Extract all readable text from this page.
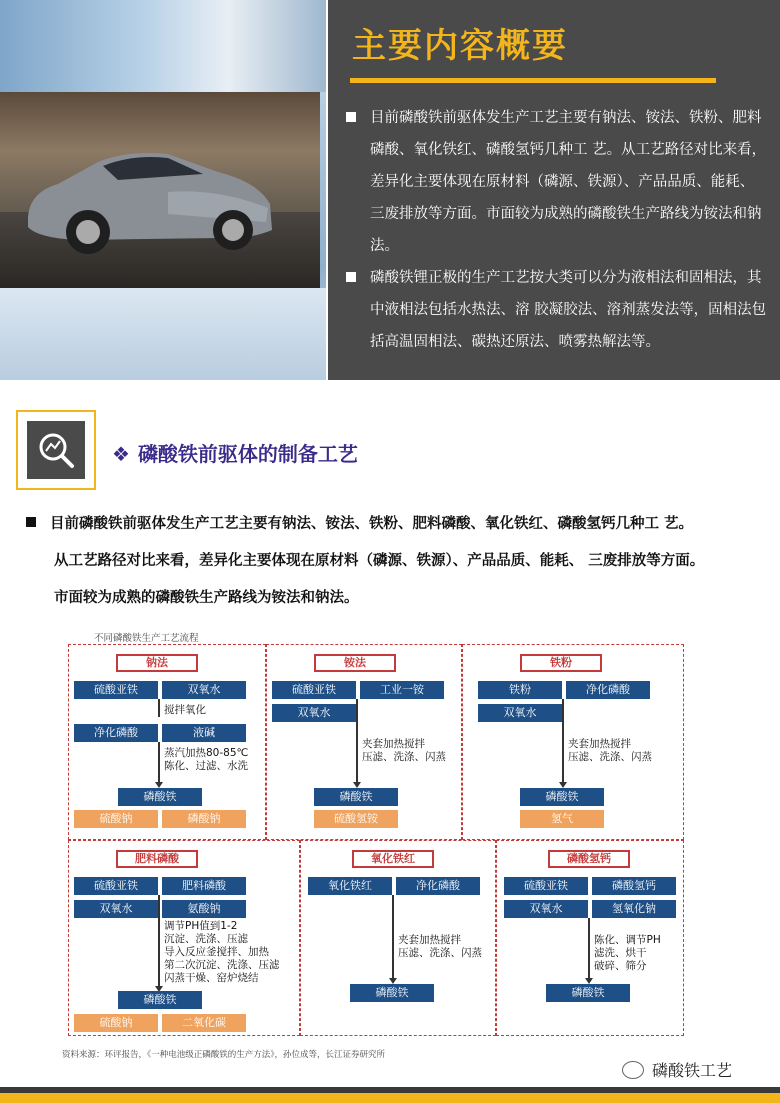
主要内容概要

目前磷酸铁前驱体发生产工艺主要有钠法、铵法、铁粉、肥料磷酸、氧化铁红、磷酸氢钙几种工 艺。从工艺路径对比来看，差异化主要体现在原材料（磷源、铁源）、产品品质、能耗、 三废排放等方面。市面较为成熟的磷酸铁生产路线为铵法和钠法。

磷酸铁锂正极的生产工艺按大类可以分为液相法和固相法，其中液相法包括水热法、溶 胶凝胶法、溶剂蒸发法等，固相法包括高温固相法、碳热还原法、喷雾热解法等。

❖ 磷酸铁前驱体的制备工艺
目前磷酸铁前驱体发生产工艺主要有钠法、铵法、铁粉、肥料磷酸、氧化铁红、磷酸氢钙几种工 艺。
从工艺路径对比来看，差异化主要体现在原材料（磷源、铁源）、产品品质、能耗、 三废排放等方面。
市面较为成熟的磷酸铁生产路线为铵法和钠法。
不同磷酸铁生产工艺流程
钠法
硫酸亚铁	双氧水
搅拌氧化
净化磷酸	液碱
蒸汽加热80-85℃
陈化、过滤、水洗
磷酸铁
硫酸钠	磷酸钠
铵法
硫酸亚铁	工业一铵
双氧水
夹套加热搅拌
压滤、洗涤、闪蒸
磷酸铁
硫酸氢铵
铁粉
铁粉	净化磷酸
双氧水
夹套加热搅拌
压滤、洗涤、闪蒸
磷酸铁
氢气
肥料磷酸
硫酸亚铁	肥料磷酸
双氧水	氨酸钠
调节PH值到1-2
沉淀、洗涤、压滤
导入反应釜搅拌、加热
第二次沉淀、洗涤、压滤
闪蒸干燥、窑炉烧结
磷酸铁
硫酸钠	二氧化碳
氧化铁红
氧化铁红	净化磷酸
夹套加热搅拌
压滤、洗涤、闪蒸
磷酸铁
磷酸氢钙
硫酸亚铁	磷酸氢钙
双氧水	氢氧化钠
陈化、调节PH
滤洗、烘干
破碎、筛分
磷酸铁
资料来源：环评报告，《一种电池级正磷酸铁的生产方法》，孙位成等，长江证券研究所
磷酸铁工艺
